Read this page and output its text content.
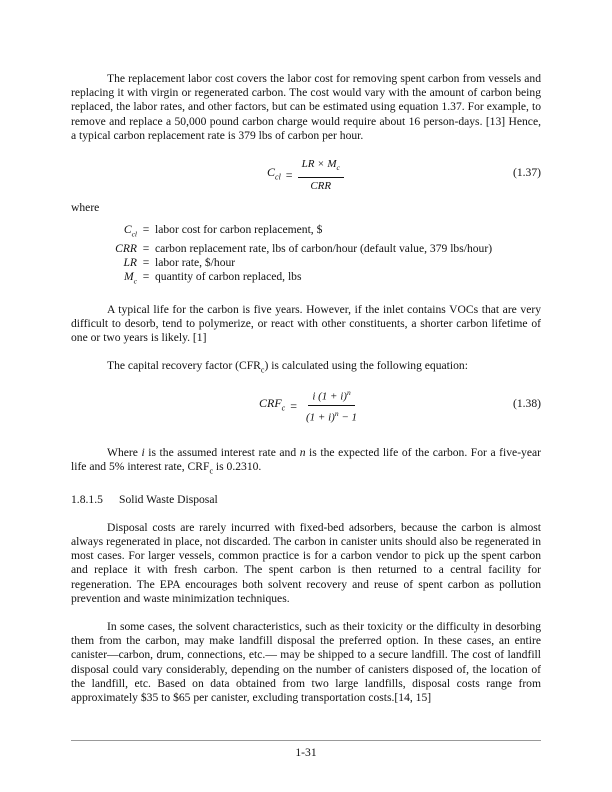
The replacement labor cost covers the labor cost for removing spent carbon from vessels and replacing it with virgin or regenerated carbon. The cost would vary with the amount of carbon being replaced, the labor rates, and other factors, but can be estimated using equation 1.37. For example, to remove and replace a 50,000 pound carbon charge would require about 16 person-days. [13] Hence, a typical carbon replacement rate is 379 lbs of carbon per hour.

$C_{cl} = \frac{LR \times M_c}{\text{CRR}}$	(1.37)

where

$C_{cl}$ = labor cost for carbon replacement, $
CRR = carbon replacement rate, lbs of carbon/hour (default value, 379 lbs/hour)
LR = labor rate, $/hour
$M_c$ = quantity of carbon replaced, lbs

A typical life for the carbon is five years. However, if the inlet contains VOCs that are very difficult to desorb, tend to polymerize, or react with other constituents, a shorter carbon lifetime of one or two years is likely. [1]

The capital recovery factor $(CFR_c)$ is calculated using the following equation:

$CRF_c = \frac{i (1 + i)^n}{(1 + i)^n - 1}$	(1.38)

Where i is the assumed interest rate and n is the expected life of the carbon. For a five-year life and 5% interest rate, $CRF_c$ is 0.2310.

1.8.1.5 Solid Waste Disposal

Disposal costs are rarely incurred with fixed-bed adsorbers, because the carbon is almost always regenerated in place, not discarded. The carbon in canister units should also be regenerated in most cases. For larger vessels, common practice is for a carbon vendor to pick up the spent carbon and replace it with fresh carbon. The spent carbon is then returned to a central facility for regeneration. The EPA encourages both solvent recovery and reuse of spent carbon as pollution prevention and waste minimization techniques.

In some cases, the solvent characteristics, such as their toxicity or the difficulty in desorbing them from the carbon, may make landfill disposal the preferred option. In these cases, an entire canister—carbon, drum, connections, etc.— may be shipped to a secure landfill. The cost of landfill disposal could vary considerably, depending on the number of canisters disposed of, the location of the landfill, etc. Based on data obtained from two large landfills, disposal costs range from approximately $35 to $65 per canister, excluding transportation costs.[14, 15]

1-31
